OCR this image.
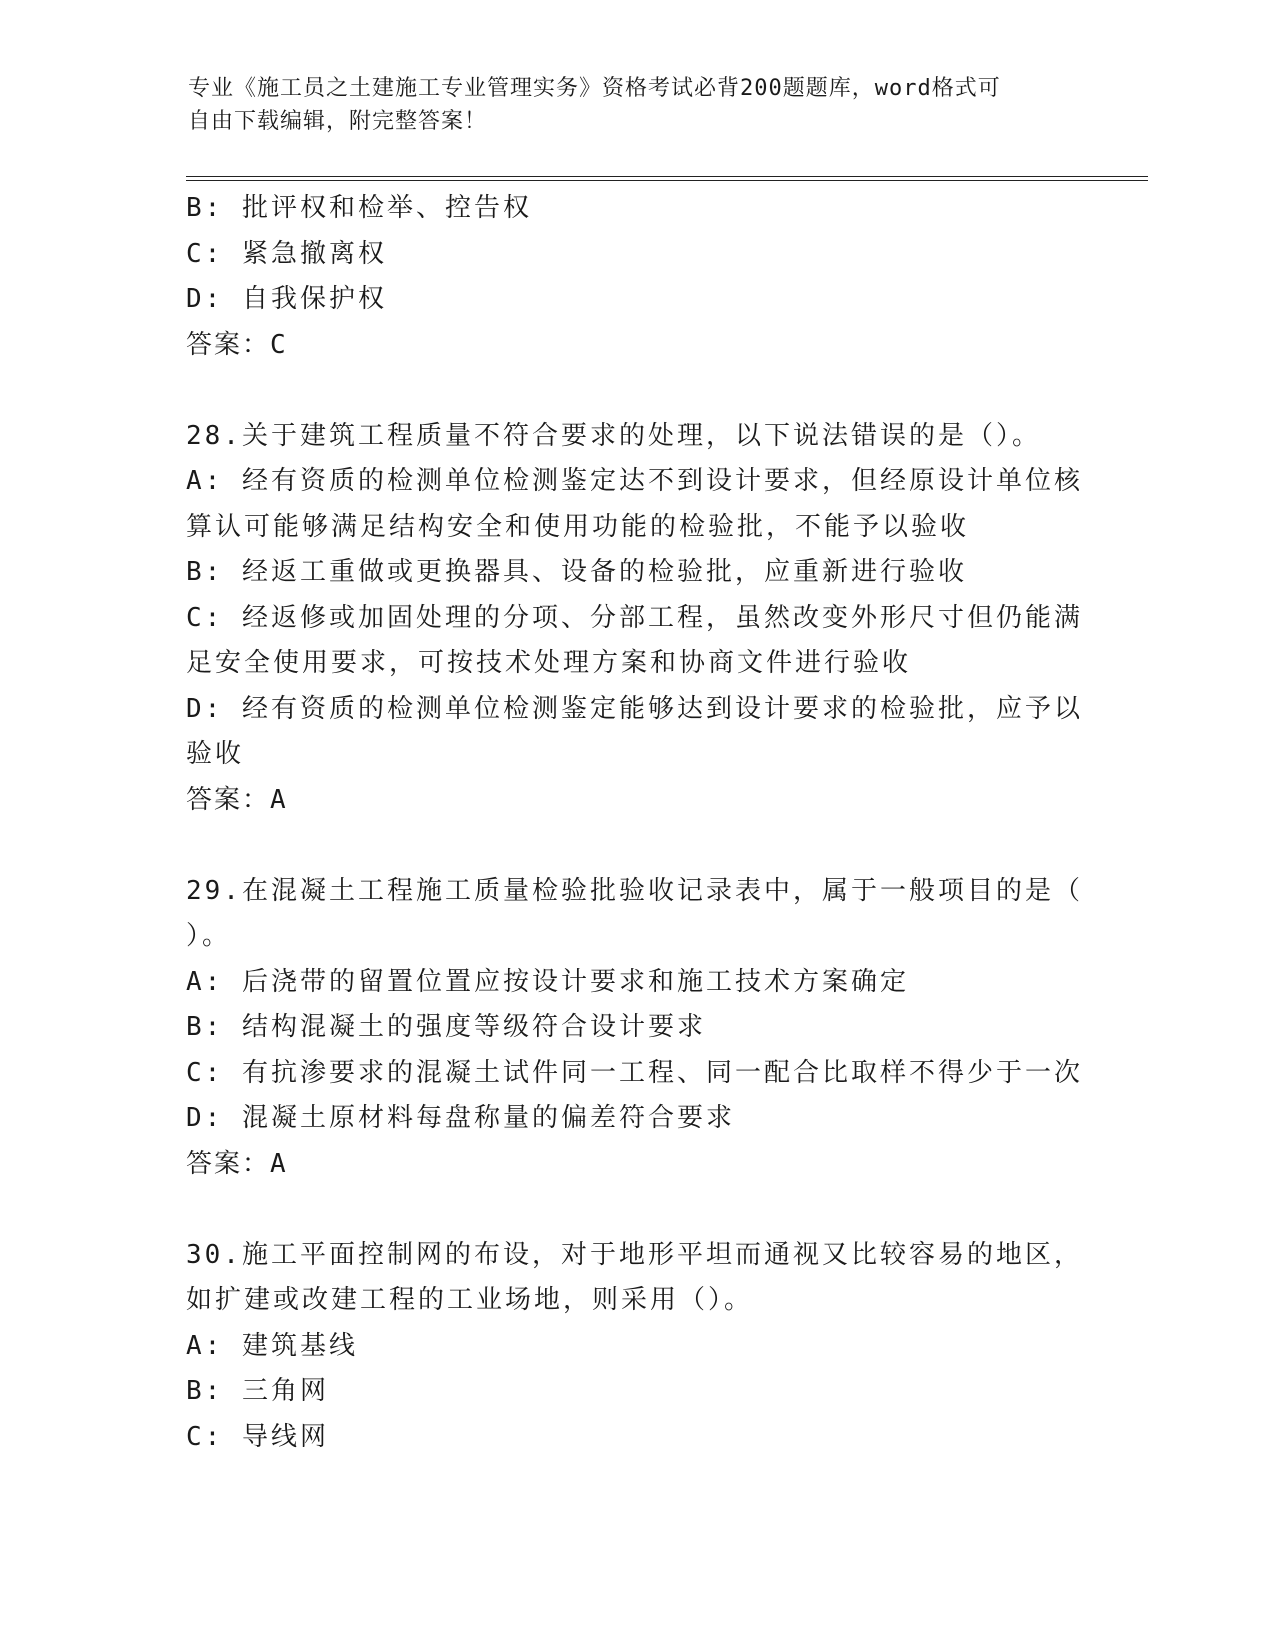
专业《施工员之土建施工专业管理实务》资格考试必背200题题库，word格式可
自由下载编辑，附完整答案！
B: 批评权和检举、控告权
C: 紧急撤离权
D: 自我保护权
答案：C
28.关于建筑工程质量不符合要求的处理，以下说法错误的是（）。
A: 经有资质的检测单位检测鉴定达不到设计要求，但经原设计单位核
算认可能够满足结构安全和使用功能的检验批，不能予以验收
B: 经返工重做或更换器具、设备的检验批，应重新进行验收
C: 经返修或加固处理的分项、分部工程，虽然改变外形尺寸但仍能满
足安全使用要求，可按技术处理方案和协商文件进行验收
D: 经有资质的检测单位检测鉴定能够达到设计要求的检验批，应予以
验收
答案：A
29.在混凝土工程施工质量检验批验收记录表中，属于一般项目的是（
）。
A: 后浇带的留置位置应按设计要求和施工技术方案确定
B: 结构混凝土的强度等级符合设计要求
C: 有抗渗要求的混凝土试件同一工程、同一配合比取样不得少于一次
D: 混凝土原材料每盘称量的偏差符合要求
答案：A
30.施工平面控制网的布设，对于地形平坦而通视又比较容易的地区，
如扩建或改建工程的工业场地，则采用（）。
A: 建筑基线
B: 三角网
C: 导线网
